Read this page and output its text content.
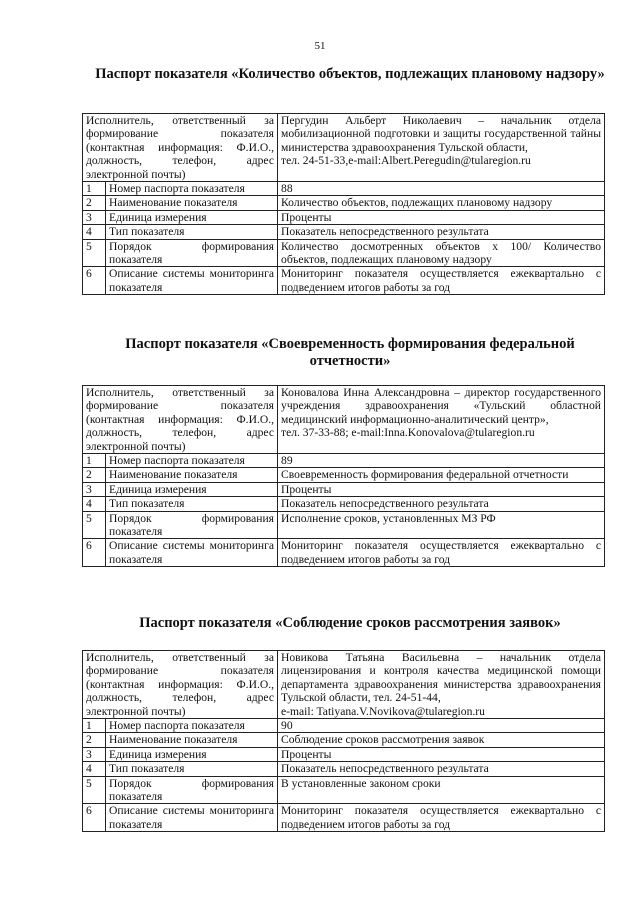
51
Паспорт показателя «Количество объектов, подлежащих плановому надзору»
Исполнитель, ответственный за формирование показателя (контактная информация: Ф.И.О., должность, телефон, адрес электронной почты)		Пергудин Альберт Николаевич – начальник отдела мобилизационной подготовки и защиты государственной тайны министерства здравоохранения Тульской области,
тел. 24-51-33,e-mail:Albert.Peregudin@tularegion.ru
1	Номер паспорта показателя	88
2	Наименование показателя	Количество объектов, подлежащих плановому надзору
3	Единица измерения	Проценты
4	Тип показателя	Показатель непосредственного результата
5	Порядок формирования показателя	Количество досмотренных объектов х 100/ Количество объектов, подлежащих плановому надзору
6	Описание системы мониторинга показателя	Мониторинг показателя осуществляется ежеквартально с подведением итогов работы за год
Паспорт показателя «Своевременность формирования федеральной отчетности»
Исполнитель, ответственный за формирование показателя (контактная информация: Ф.И.О., должность, телефон, адрес электронной почты)		Коновалова Инна Александровна – директор государственного учреждения здравоохранения «Тульский областной медицинский информационно-аналитический центр»,
тел. 37-33-88; e-mail:Inna.Konovalova@tularegion.ru
1	Номер паспорта показателя	89
2	Наименование показателя	Своевременность формирования федеральной отчетности
3	Единица измерения	Проценты
4	Тип показателя	Показатель непосредственного результата
5	Порядок формирования показателя	Исполнение сроков, установленных МЗ РФ
6	Описание системы мониторинга показателя	Мониторинг показателя осуществляется ежеквартально с подведением итогов работы за год
Паспорт показателя «Соблюдение сроков рассмотрения заявок»
Исполнитель, ответственный за формирование показателя (контактная информация: Ф.И.О., должность, телефон, адрес электронной почты)		Новикова Татьяна Васильевна – начальник отдела лицензирования и контроля качества медицинской помощи департамента здравоохранения министерства здравоохранения Тульской области, тел. 24-51-44,
e-mail: Tatiyana.V.Novikova@tularegion.ru
1	Номер паспорта показателя	90
2	Наименование показателя	Соблюдение сроков рассмотрения заявок
3	Единица измерения	Проценты
4	Тип показателя	Показатель непосредственного результата
5	Порядок формирования показателя	В установленные законом сроки
6	Описание системы мониторинга показателя	Мониторинг показателя осуществляется ежеквартально с подведением итогов работы за год
